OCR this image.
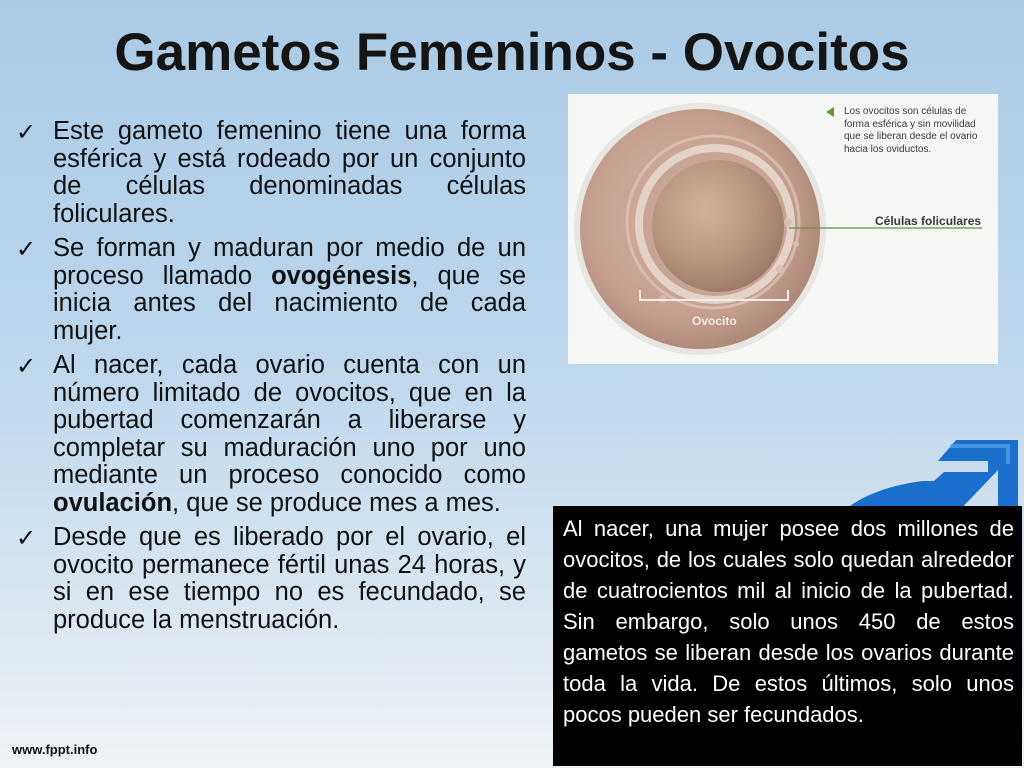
Gametos Femeninos - Ovocitos
✓ Este gameto femenino tiene una forma esférica y está rodeado por un conjunto de células denominadas células foliculares.
✓ Se forman y maduran por medio de un proceso llamado ovogénesis, que se inicia antes del nacimiento de cada mujer.
✓ Al nacer, cada ovario cuenta con un número limitado de ovocitos, que en la pubertad comenzarán a liberarse y completar su maduración uno por uno mediante un proceso conocido como ovulación, que se produce mes a mes.
✓ Desde que es liberado por el ovario, el ovocito permanece fértil unas 24 horas, y si en ese tiempo no es fecundado, se produce la menstruación.
Los ovocitos son células de forma esférica y sin movilidad que se liberan desde el ovario hacia los oviductos.
Células foliculares
Ovocito
Al nacer, una mujer posee dos millones de ovocitos, de los cuales solo quedan alrededor de cuatrocientos mil al inicio de la pubertad. Sin embargo, solo unos 450 de estos gametos se liberan desde los ovarios durante toda la vida. De estos últimos, solo unos pocos pueden ser fecundados.
www.fppt.info
